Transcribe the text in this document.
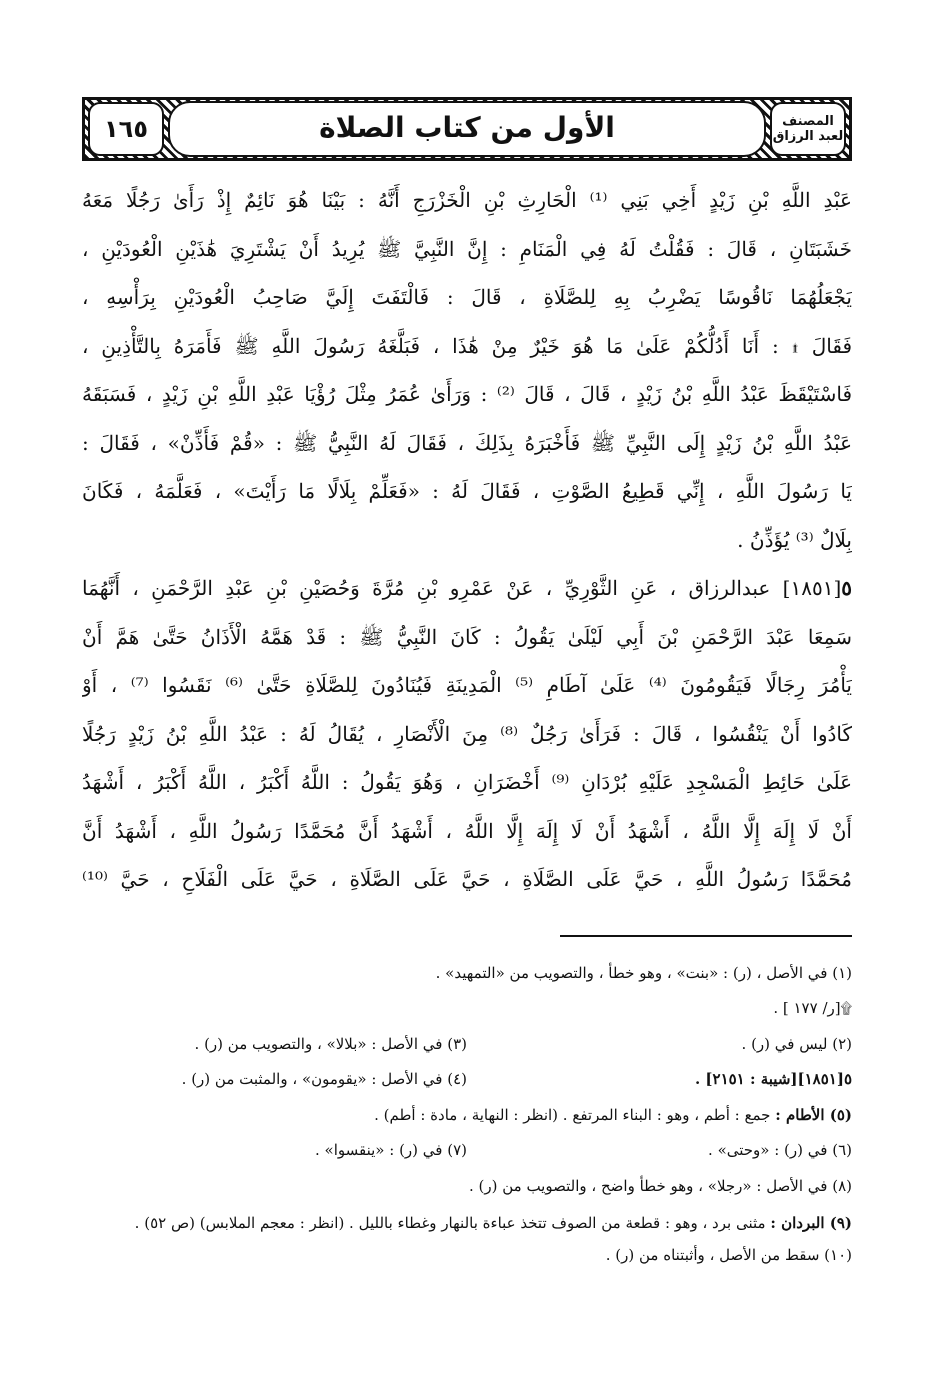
الأول من كتاب الصلاة
١٦٥	المصنف
لعبد الرزاق

عَبْدِ اللَّهِ بْنِ زَيْدٍ أَخِي بَنِي ⁽¹⁾ الْحَارِثِ بْنِ الْخَزْرَجِ أَنَّهُ : بَيْنَا هُوَ نَائِمٌ إِذْ رَأَىٰ رَجُلًا مَعَهُ

خَشَبَتَانِ ، قَالَ : فَقُلْتُ لَهُ فِي الْمَنَامِ : إِنَّ النَّبِيَّ ﷺ يُرِيدُ أَنْ يَشْتَرِيَ هَٰذَيْنِ الْعُودَيْنِ ،

يَجْعَلُهُمَا نَاقُوسًا يَضْرِبُ بِهِ لِلصَّلَاةِ ، قَالَ : فَالْتَفَتَ إِلَيَّ صَاحِبُ الْعُودَيْنِ بِرَأْسِهِ ،

فَقَالَ ۩ : أَنَا أَدُلُّكُمْ عَلَىٰ مَا هُوَ خَيْرٌ مِنْ هَٰذَا ، فَبَلَّغَهُ رَسُولَ اللَّهِ ﷺ فَأَمَرَهُ بِالتَّأْذِينِ ،

فَاسْتَيْقَظَ عَبْدُ اللَّهِ بْنُ زَيْدٍ ، قَالَ ، قَالَ ⁽²⁾ : وَرَأَىٰ عُمَرُ مِثْلَ رُؤْيَا عَبْدِ اللَّهِ بْنِ زَيْدٍ ، فَسَبَقَهُ

عَبْدُ اللَّهِ بْنُ زَيْدٍ إِلَى النَّبِيِّ ﷺ فَأَخْبَرَهُ بِذَلِكَ ، فَقَالَ لَهُ النَّبِيُّ ﷺ : «قُمْ فَأَذِّنْ» ، فَقَالَ :

يَا رَسُولَ اللَّهِ ، إِنِّي قَطِيعُ الصَّوْتِ ، فَقَالَ لَهُ : «فَعَلِّمْ بِلَالًا مَا رَأَيْتَ» ، فَعَلَّمَهُ ، فَكَانَ

بِلَالٌ ⁽³⁾ يُؤَذِّنُ .

٥[١٨٥١] عبدالرزاق ، عَنِ الثَّوْرِيِّ ، عَنْ عَمْرِو بْنِ مُرَّةَ وَحُصَيْنِ بْنِ عَبْدِ الرَّحْمَنِ ، أَنَّهُمَا

سَمِعَا عَبْدَ الرَّحْمَنِ بْنَ أَبِي لَيْلَىٰ يَقُولُ : كَانَ النَّبِيُّ ﷺ : قَدْ هَمَّهُ الْأَذَانُ حَتَّىٰ هَمَّ أَنْ

يَأْمُرَ رِجَالًا فَيَقُومُونَ ⁽⁴⁾ عَلَىٰ آطَامِ ⁽⁵⁾ الْمَدِينَةِ فَيُنَادُونَ لِلصَّلَاةِ حَتَّىٰ ⁽⁶⁾ نَقَسُوا ⁽⁷⁾ ، أَوْ

كَادُوا أَنْ يَنْقُسُوا ، قَالَ : فَرَأَىٰ رَجُلٌ ⁽⁸⁾ مِنَ الْأَنْصَارِ ، يُقَالُ لَهُ : عَبْدُ اللَّهِ بْنُ زَيْدٍ رَجُلًا

عَلَىٰ حَائِطِ الْمَسْجِدِ عَلَيْهِ بُرْدَانِ ⁽⁹⁾ أَخْضَرَانِ ، وَهُوَ يَقُولُ : اللَّهُ أَكْبَرُ ، اللَّهُ أَكْبَرُ ، أَشْهَدُ

أَنْ لَا إِلَهَ إِلَّا اللَّهُ ، أَشْهَدُ أَنْ لَا إِلَهَ إِلَّا اللَّهُ ، أَشْهَدُ أَنَّ مُحَمَّدًا رَسُولُ اللَّهِ ، أَشْهَدُ أَنَّ

مُحَمَّدًا رَسُولُ اللَّهِ ، حَيَّ عَلَى الصَّلَاةِ ، حَيَّ عَلَى الصَّلَاةِ ، حَيَّ عَلَى الْفَلَاحِ ، حَيَّ ⁽¹⁰⁾

(١) في الأصل ، (ر) : «بنت» ، وهو خطأ ، والتصويب من «التمهيد» .
۩[ر/ ١٧٧ ] .
(٢) ليس في (ر) .
(٣) في الأصل : «بلالا» ، والتصويب من (ر) .
٥[١٨٥١][شيبة : ٢١٥١] .
(٤) في الأصل : «يقومون» ، والمثبت من (ر) .
(٥) الأطام : جمع : أطم ، وهو : البناء المرتفع . (انظر : النهاية ، مادة : أطم) .
(٦) في (ر) : «وحتى» .
(٧) في (ر) : «ينقسوا» .
(٨) في الأصل : «رجلا» ، وهو خطأ واضح ، والتصويب من (ر) .
(٩) البردان : مثنى برد ، وهو : قطعة من الصوف تتخذ عباءة بالنهار وغطاء بالليل . (انظر : معجم الملابس) (ص ٥٢) .
(١٠) سقط من الأصل ، وأثبتناه من (ر) .
